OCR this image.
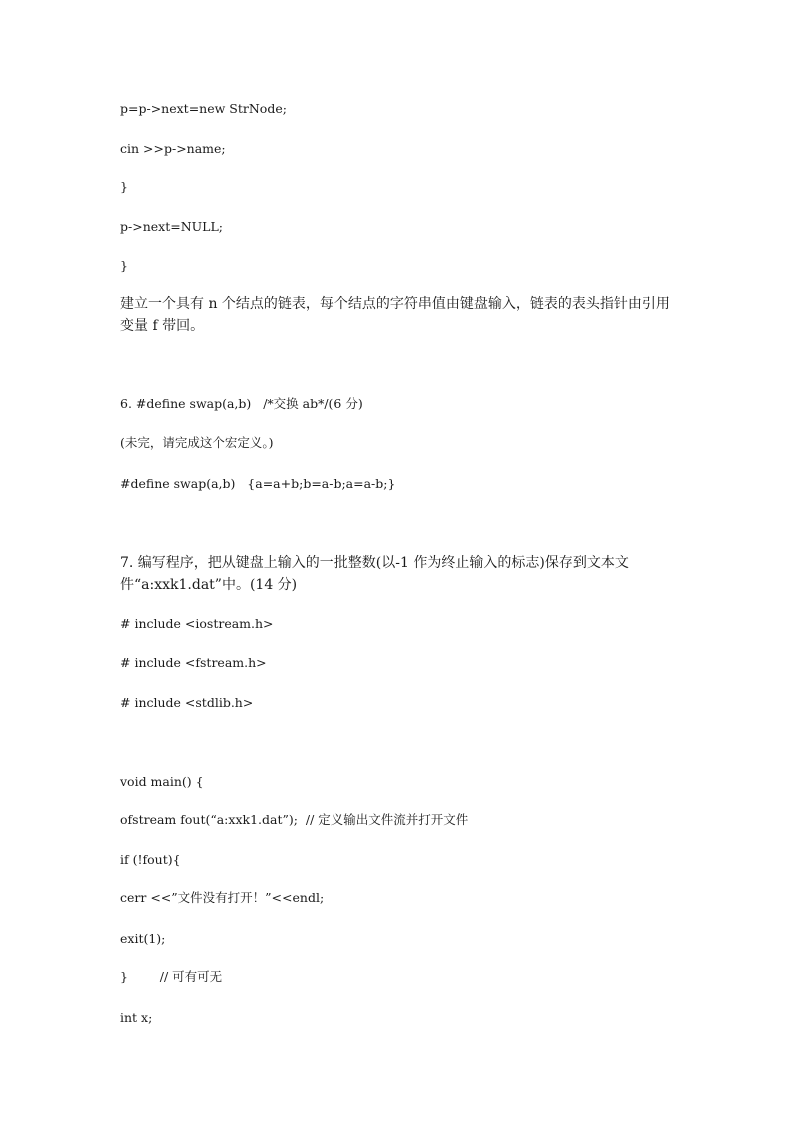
p=p->next=new StrNode;
cin >>p->name;
}
p->next=NULL;
}
建立一个具有 n 个结点的链表，每个结点的字符串值由键盘输入，链表的表头指针由引用变量 f 带回。
6. #define swap(a,b)   /*交换 ab*/(6 分)
(未完，请完成这个宏定义。)
#define swap(a,b)   {a=a+b;b=a-b;a=a-b;}
7. 编写程序，把从键盘上输入的一批整数(以-1 作为终止输入的标志)保存到文本文件“a:xxk1.dat”中。(14 分)
# include <iostream.h>
# include <fstream.h>
# include <stdlib.h>
void main() {
ofstream fout(“a:xxk1.dat”);  // 定义输出文件流并打开文件
if (!fout){
cerr <<”文件没有打开！”<<endl;
exit(1);
}        // 可有可无
int x;
